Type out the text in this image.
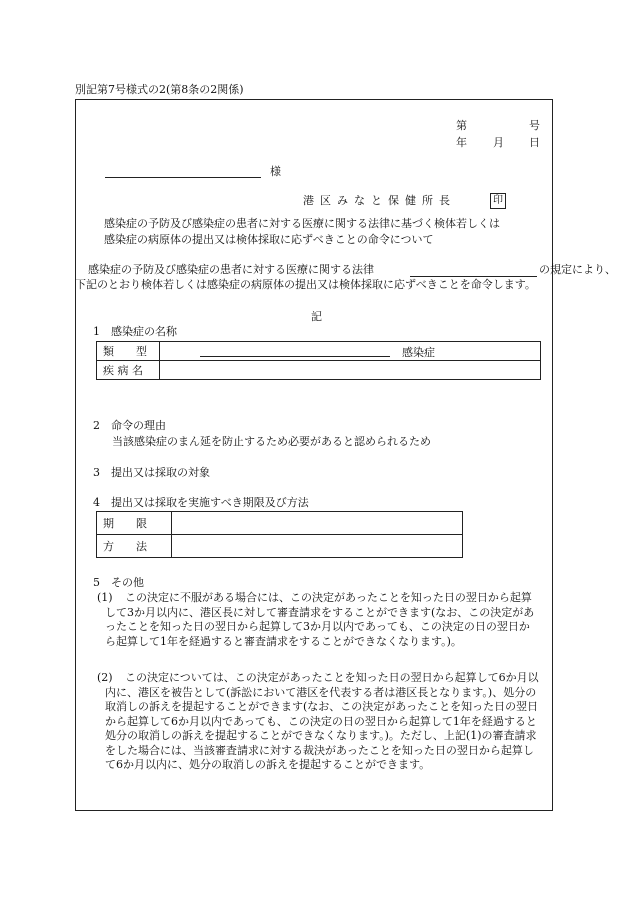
別記第7号様式の2(第8条の2関係)
第	号
年 月 日
様
港区みなと保健所長	印
感染症の予防及び感染症の患者に対する医療に関する法律に基づく検体若しくは
感染症の病原体の提出又は検体採取に応ずべきことの命令について
感染症の予防及び感染症の患者に対する医療に関する法律	の規定により、下記のとおり検体若しくは感染症の病原体の提出又は検体採取に応ずべきことを命令します。
記
1　感染症の名称
類　　型	感染症

疾 病 名	
2　命令の理由
当該感染症のまん延を防止するため必要があると認められるため
3　提出又は採取の対象
4　提出又は採取を実施すべき期限及び方法
期　　限	
方　　法	
5　その他
(1)	この決定に不服がある場合には、この決定があったことを知った日の翌日から起算して3か月以内に、港区長に対して審査請求をすることができます(なお、この決定があったことを知った日の翌日から起算して3か月以内であっても、この決定の日の翌日から起算して1年を経過すると審査請求をすることができなくなります。)。
(2)	この決定については、この決定があったことを知った日の翌日から起算して6か月以内に、港区を被告として(訴訟において港区を代表する者は港区長となります。)、処分の取消しの訴えを提起することができます(なお、この決定があったことを知った日の翌日から起算して6か月以内であっても、この決定の日の翌日から起算して1年を経過すると処分の取消しの訴えを提起することができなくなります。)。ただし、上記(1)の審査請求をした場合には、当該審査請求に対する裁決があったことを知った日の翌日から起算して6か月以内に、処分の取消しの訴えを提起することができます。
